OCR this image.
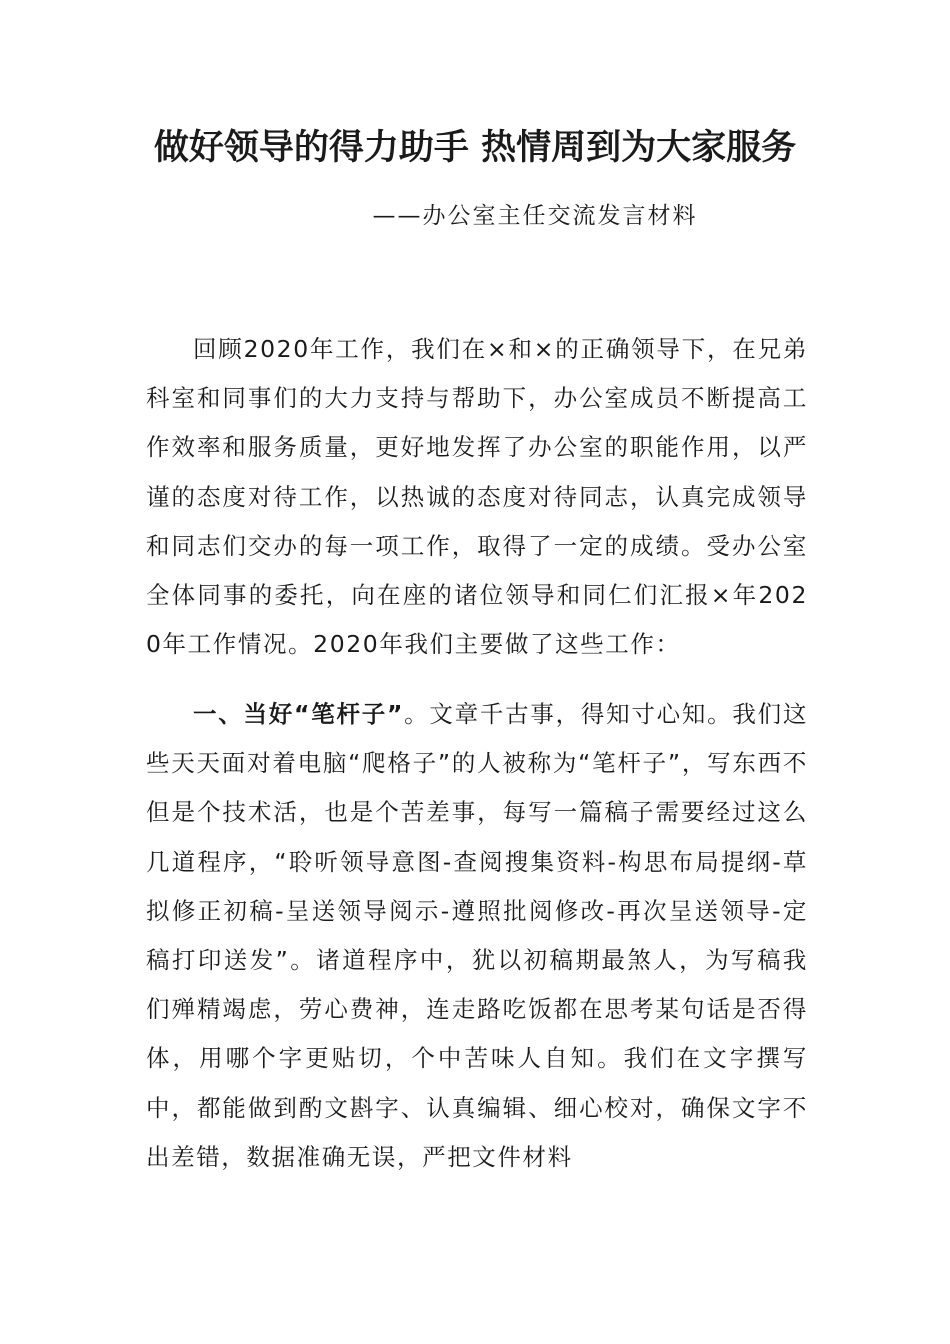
做好领导的得力助手 热情周到为大家服务

——办公室主任交流发言材料

回顾2020年工作，我们在×和×的正确领导下，在兄弟科室和同事们的大力支持与帮助下，办公室成员不断提高工作效率和服务质量，更好地发挥了办公室的职能作用，以严谨的态度对待工作，以热诚的态度对待同志，认真完成领导和同志们交办的每一项工作，取得了一定的成绩。受办公室全体同事的委托，向在座的诸位领导和同仁们汇报×年2020年工作情况。2020年我们主要做了这些工作：

一、当好“笔杆子”。文章千古事，得知寸心知。我们这些天天面对着电脑“爬格子”的人被称为“笔杆子”，写东西不但是个技术活，也是个苦差事，每写一篇稿子需要经过这么几道程序，“聆听领导意图-查阅搜集资料-构思布局提纲-草拟修正初稿-呈送领导阅示-遵照批阅修改-再次呈送领导-定稿打印送发”。诸道程序中，犹以初稿期最煞人，为写稿我们殚精竭虑，劳心费神，连走路吃饭都在思考某句话是否得体，用哪个字更贴切，个中苦味人自知。我们在文字撰写中，都能做到酌文斟字、认真编辑、细心校对，确保文字不出差错，数据准确无误，严把文件材料
